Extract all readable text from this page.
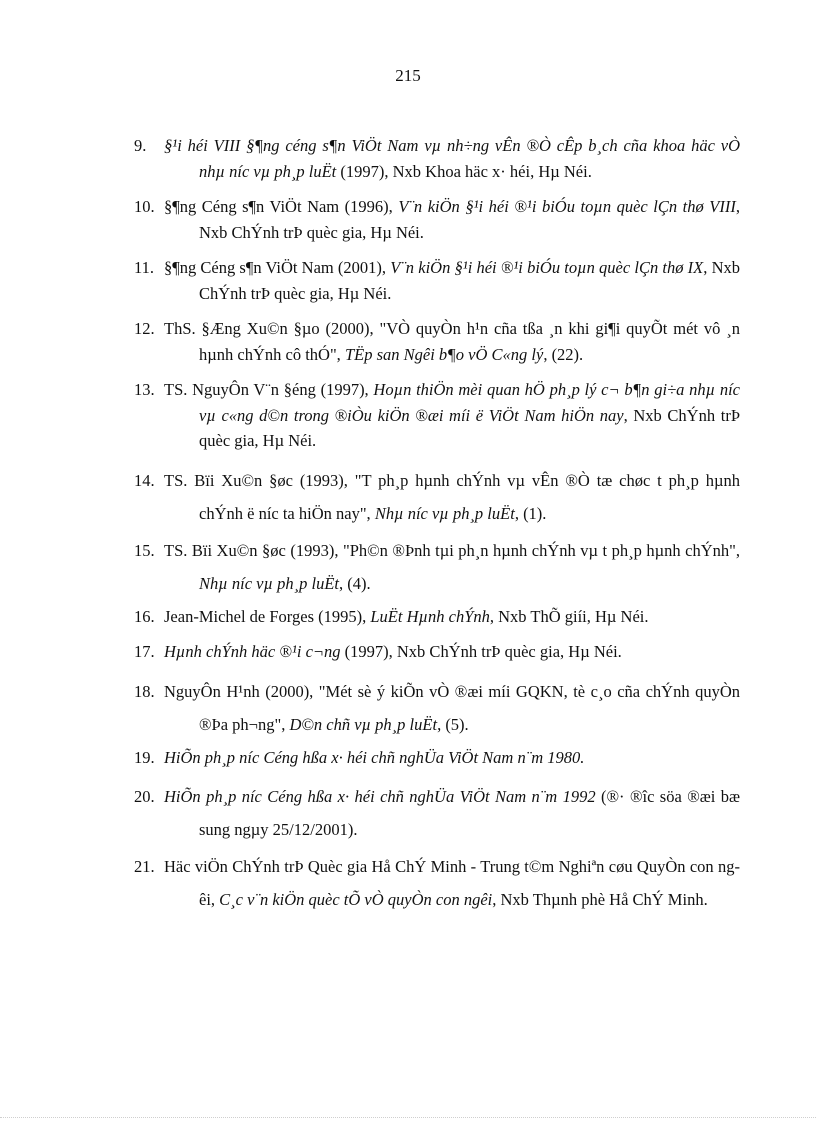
215
9. §¹i héi VIII §¶ng céng s¶n ViÖt Nam vµ nh÷ng vÊn ®Ò cÊp b¸ch cña khoa häc vÒ nhµ níc vµ ph¸p luËt (1997), Nxb Khoa häc x· héi, Hµ Néi.
10. §¶ng Céng s¶n ViÖt Nam (1996), V¨n kiÖn §¹i héi ®¹i biÓu toµn quèc lÇn thø VIII, Nxb ChÝnh trÞ quèc gia, Hµ Néi.
11. §¶ng Céng s¶n ViÖt Nam (2001), V¨n kiÖn §¹i héi ®¹i biÓu toµn quèc lÇn thø IX, Nxb ChÝnh trÞ quèc gia, Hµ Néi.
12. ThS. §Æng Xu©n §µo (2000), "VÒ quyÒn h¹n cña tßa ¸n khi gi¶i quyÕt mét vô ¸n hµnh chÝnh cô thÓ", TËp san Ngêi b¶o vÖ C«ng lý, (22).
13. TS. NguyÔn V¨n §éng (1997), Hoµn thiÖn mèi quan hÖ ph¸p lý c¬ b¶n gi÷a nhµ níc vµ c«ng d©n trong ®iÒu kiÖn ®æi míi ë ViÖt Nam hiÖn nay, Nxb ChÝnh trÞ quèc gia, Hµ Néi.
14. TS. Bïi Xu©n §øc (1993), "T ph¸p hµnh chÝnh vµ vÊn ®Ò tæ chøc t ph¸p hµnh chÝnh ë níc ta hiÖn nay", Nhµ níc vµ ph¸p luËt, (1).
15. TS. Bïi Xu©n §øc (1993), "Ph©n ®Þnh tµi ph¸n hµnh chÝnh vµ t ph¸p hµnh chÝnh", Nhµ níc vµ ph¸p luËt, (4).
16. Jean-Michel de Forges (1995), LuËt Hµnh chÝnh, Nxb ThÕ giíi, Hµ Néi.
17. Hµnh chÝnh häc ®¹i c¬ng (1997), Nxb ChÝnh trÞ quèc gia, Hµ Néi.
18. NguyÔn H¹nh (2000), "Mét sè ý kiÕn vÒ ®æi míi GQKN, tè c¸o cña chÝnh quyÒn ®Þa ph¬ng", D©n chñ vµ ph¸p luËt, (5).
19. HiÕn ph¸p níc Céng hßa x· héi chñ nghÜa ViÖt Nam n¨m 1980.
20. HiÕn ph¸p níc Céng hßa x· héi chñ nghÜa ViÖt Nam n¨m 1992 (®· ®îc söa ®æi bæ sung ngµy 25/12/2001).
21. Häc viÖn ChÝnh trÞ Quèc gia Hå ChÝ Minh - Trung t©m Nghiªn cøu QuyÒn con ngêi, C¸c v¨n kiÖn quèc tÕ vÒ quyÒn con ngêi, Nxb Thµnh phè Hå ChÝ Minh.
